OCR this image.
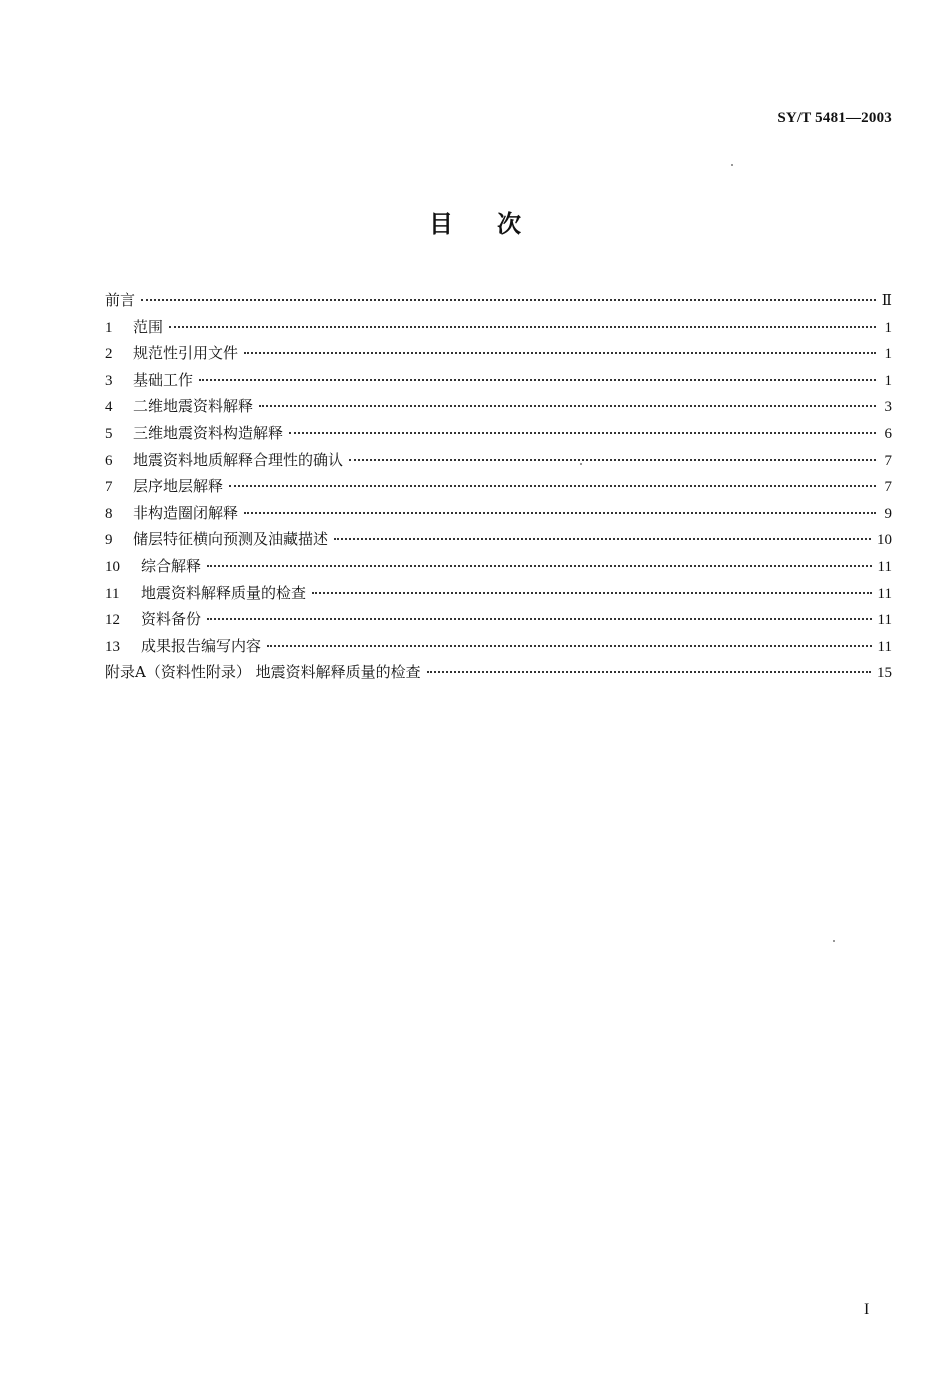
SY/T 5481—2003
目次
前言	Ⅱ
1	范围	1
2	规范性引用文件	1
3	基础工作	1
4	二维地震资料解释	3
5	三维地震资料构造解释	6
6	地震资料地质解释合理性的确认	7
7	层序地层解释	7
8	非构造圈闭解释	9
9	储层特征横向预测及油藏描述	10
10	综合解释	11
11	地震资料解释质量的检查	11
12	资料备份	11
13	成果报告编写内容	11
附录A（资料性附录） 地震资料解释质量的检查	15
I
